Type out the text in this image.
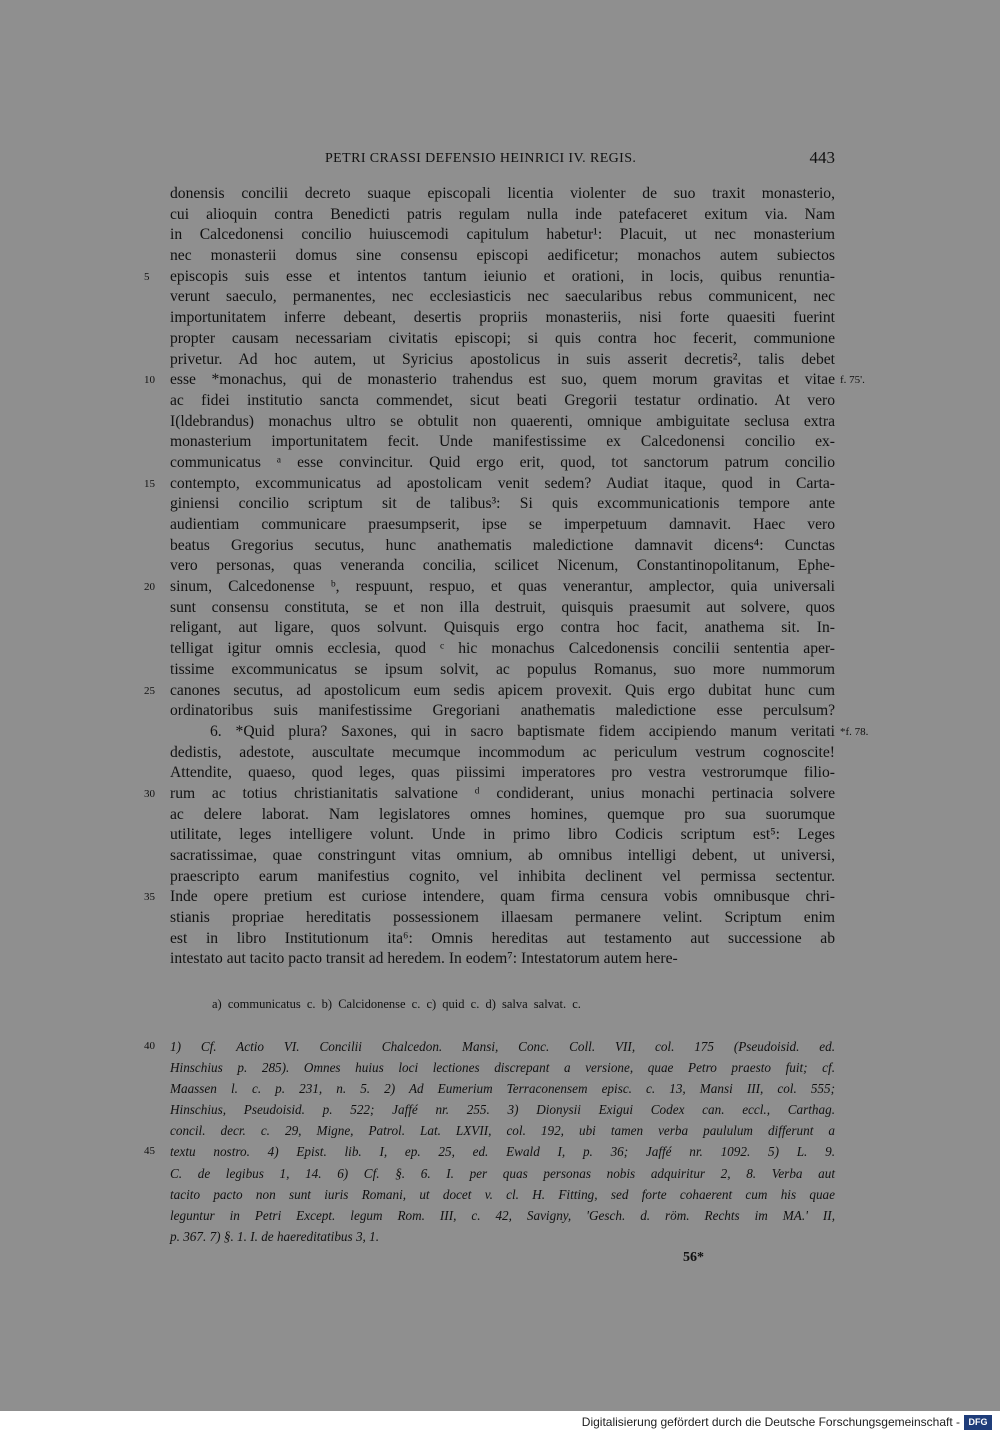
PETRI CRASSI DEFENSIO HEINRICI IV. REGIS.	443
donensis concilii decreto suaque episcopali licentia violenter de suo traxit monasterio,
cui alioquin contra Benedicti patris regulam nulla inde patefaceret exitum via. Nam
in Calcedonensi concilio huiuscemodi capitulum habetur¹: Placuit, ut nec monasterium
nec monasterii domus sine consensu episcopi aedificetur; monachos autem subiectos
5	episcopis suis esse et intentos tantum ieiunio et orationi, in locis, quibus renuntia-
verunt saeculo, permanentes, nec ecclesiasticis nec saecularibus rebus communicent, nec
importunitatem inferre debeant, desertis propriis monasteriis, nisi forte quaesiti fuerint
propter causam necessariam civitatis episcopi; si quis contra hoc fecerit, communione
privetur. Ad hoc autem, ut Syricius apostolicus in suis asserit decretis², talis debet
10	f. 75'.
esse *monachus, qui de monasterio trahendus est suo, quem morum gravitas et vitae
ac fidei institutio sancta commendet, sicut beati Gregorii testatur ordinatio. At vero
I(ldebrandus) monachus ultro se obtulit non quaerenti, omnique ambiguitate seclusa extra
monasterium importunitatem fecit. Unde manifestissime ex Calcedonensi concilio ex-
communicatus ᵃ esse convincitur. Quid ergo erit, quod, tot sanctorum patrum concilio
15 contempto, excommunicatus ad apostolicam venit sedem? Audiat itaque, quod in Carta-
giniensi concilio scriptum sit de talibus³: Si quis excommunicationis tempore ante
audientiam communicare praesumpserit, ipse se imperpetuum damnavit. Haec vero
beatus Gregorius secutus, hunc anathematis maledictione damnavit dicens⁴: Cunctas
vero personas, quas veneranda concilia, scilicet Nicenum, Constantinopolitanum, Ephe-
20 sinum, Calcedonense ᵇ, respuunt, respuo, et quas venerantur, amplector, quia universali
sunt consensu constituta, se et non illa destruit, quisquis praesumit aut solvere, quos
religant, aut ligare, quos solvunt. Quisquis ergo contra hoc facit, anathema sit. In-
telligat igitur omnis ecclesia, quod ᶜ hic monachus Calcedonensis concilii sententia aper-
tissime excommunicatus se ipsum solvit, ac populus Romanus, suo more nummorum
25 canones secutus, ad apostolicum eum sedis apicem provexit. Quis ergo dubitat hunc cum
ordinatoribus suis manifestissime Gregoriani anathematis maledictione esse perculsum?
*f. 78.
6. *Quid plura? Saxones, qui in sacro baptismate fidem accipiendo manum veritati
dedistis, adestote, auscultate mecumque incommodum ac periculum vestrum cognoscite!
Attendite, quaeso, quod leges, quas piissimi imperatores pro vestra vestrorumque filio-
30 rum ac totius christianitatis salvatione ᵈ condiderant, unius monachi pertinacia solvere
ac delere laborat. Nam legislatores omnes homines, quemque pro sua suorumque
utilitate, leges intelligere volunt. Unde in primo libro Codicis scriptum est⁵: Leges
sacratissimae, quae constringunt vitas omnium, ab omnibus intelligi debent, ut universi,
praescripto earum manifestius cognito, vel inhibita declinent vel permissa sectentur.
35 Inde opere pretium est curiose intendere, quam firma censura vobis omnibusque chri-
stianis propriae hereditatis possessionem illaesam permanere velint. Scriptum enim
est in libro Institutionum ita⁶: Omnis hereditas aut testamento aut successione ab
intestato aut tacito pacto transit ad heredem. In eodem⁷: Intestatorum autem here-
a) communicatus c. b) Calcidonense c. c) quid c. d) salva salvat. c.
40	1) Cf. Actio VI. Concilii Chalcedon. Mansi, Conc. Coll. VII, col. 175 (Pseudoisid. ed.
Hinschius p. 285). Omnes huius loci lectiones discrepant a versione, quae Petro praesto fuit; cf.
Maassen l. c. p. 231, n. 5. 2) Ad Eumerium Terraconensem episc. c. 13, Mansi III, col. 555;
Hinschius, Pseudoisid. p. 522; Jaffé nr. 255. 3) Dionysii Exigui Codex can. eccl., Carthag.
concil. decr. c. 29, Migne, Patrol. Lat. LXVII, col. 192, ubi tamen verba paululum differunt a
45	textu nostro. 4) Epist. lib. I, ep. 25, ed. Ewald I, p. 36; Jaffé nr. 1092. 5) L. 9.
C. de legibus 1, 14. 6) Cf. §. 6. I. per quas personas nobis adquiritur 2, 8. Verba aut
tacito pacto non sunt iuris Romani, ut docet v. cl. H. Fitting, sed forte cohaerent cum his quae
leguntur in Petri Except. legum Rom. III, c. 42, Savigny, 'Gesch. d. röm. Rechts im MA.' II,
p. 367. 7) §. 1. I. de haereditatibus 3, 1.
56*
Digitalisierung gefördert durch die Deutsche Forschungsgemeinschaft - DFG
